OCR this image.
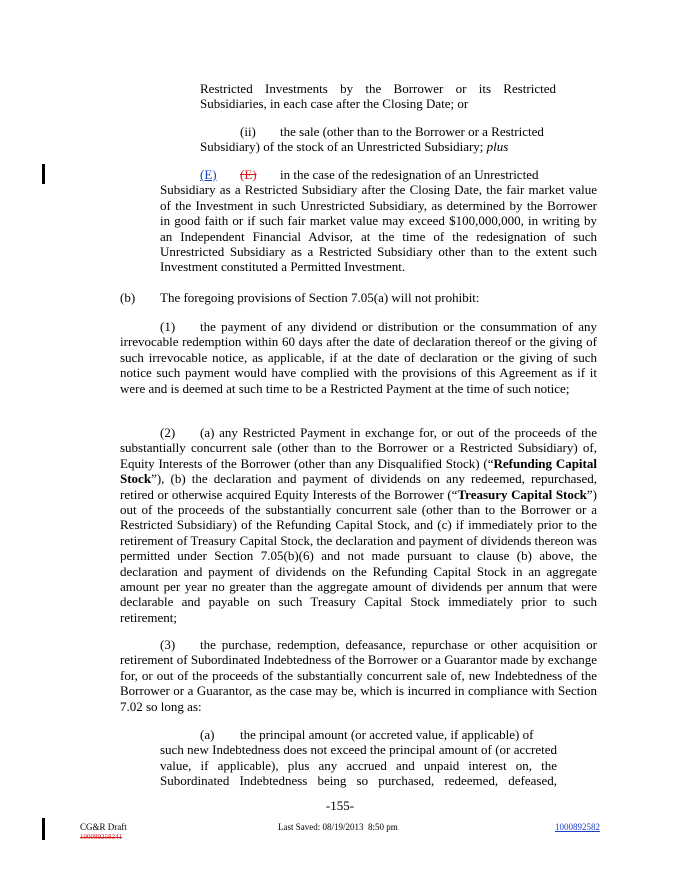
Restricted Investments by the Borrower or its Restricted
Subsidiaries, in each case after the Closing Date; or

(ii) the sale (other than to the Borrower or a Restricted
Subsidiary) of the stock of an Unrestricted Subsidiary; plus

(E) (E) in the case of the redesignation of an Unrestricted
Subsidiary as a Restricted Subsidiary after the Closing Date, the fair market value of the Investment in such Unrestricted Subsidiary, as determined by the Borrower in good faith or if such fair market value may exceed $100,000,000, in writing by an Independent Financial Advisor, at the time of the redesignation of such Unrestricted Subsidiary as a Restricted Subsidiary other than to the extent such Investment constituted a Permitted Investment.

(b) The foregoing provisions of Section 7.05(a) will not prohibit:

(1) the payment of any dividend or distribution or the consummation of any irrevocable redemption within 60 days after the date of declaration thereof or the giving of such irrevocable notice, as applicable, if at the date of declaration or the giving of such notice such payment would have complied with the provisions of this Agreement as if it were and is deemed at such time to be a Restricted Payment at the time of such notice;

(2) (a) any Restricted Payment in exchange for, or out of the proceeds of the substantially concurrent sale (other than to the Borrower or a Restricted Subsidiary) of, Equity Interests of the Borrower (other than any Disqualified Stock) (“Refunding Capital Stock”), (b) the declaration and payment of dividends on any redeemed, repurchased, retired or otherwise acquired Equity Interests of the Borrower (“Treasury Capital Stock”) out of the proceeds of the substantially concurrent sale (other than to the Borrower or a Restricted Subsidiary) of the Refunding Capital Stock, and (c) if immediately prior to the retirement of Treasury Capital Stock, the declaration and payment of dividends thereon was permitted under Section 7.05(b)(6) and not made pursuant to clause (b) above, the declaration and payment of dividends on the Refunding Capital Stock in an aggregate amount per year no greater than the aggregate amount of dividends per annum that were declarable and payable on such Treasury Capital Stock immediately prior to such retirement;

(3) the purchase, redemption, defeasance, repurchase or other acquisition or retirement of Subordinated Indebtedness of the Borrower or a Guarantor made by exchange for, or out of the proceeds of the substantially concurrent sale of, new Indebtedness of the Borrower or a Guarantor, as the case may be, which is incurred in compliance with Section 7.02 so long as:

(a) the principal amount (or accreted value, if applicable) of
such new Indebtedness does not exceed the principal amount of (or accreted value, if applicable), plus any accrued and unpaid interest on, the Subordinated Indebtedness being so purchased, redeemed, defeased,

-155-
CG&R Draft
100089258241
Last Saved: 08/19/2013  8:50 pm	1000892582
